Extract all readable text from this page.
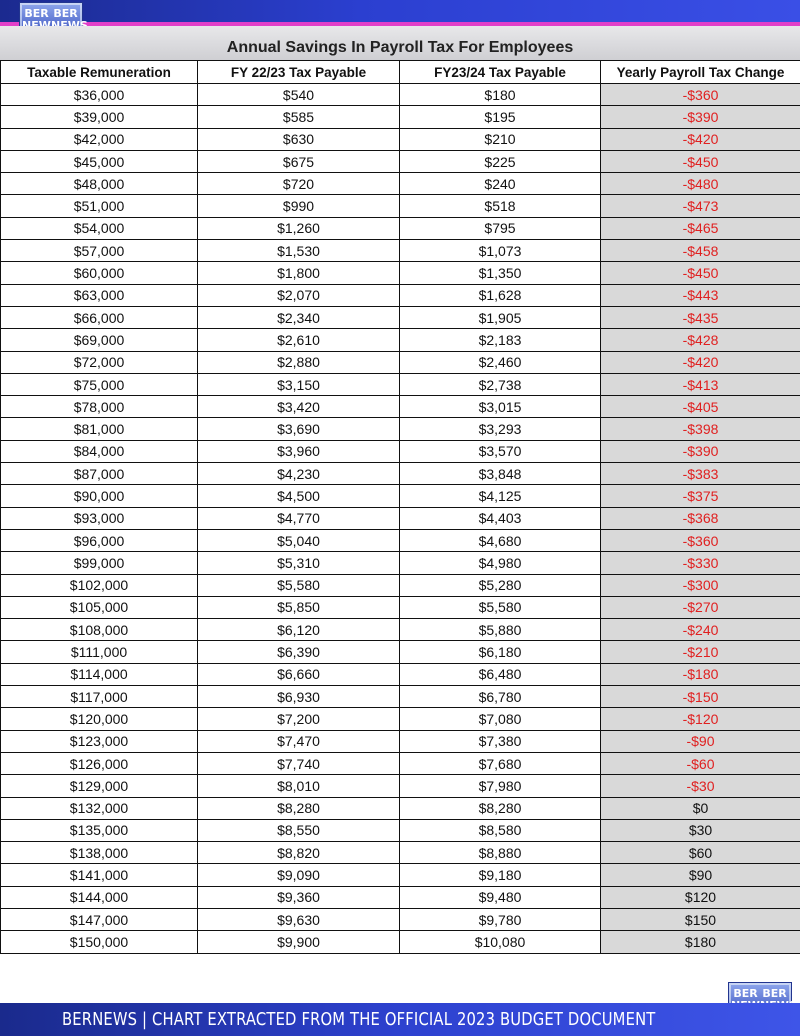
BER BER

Annual Savings In Payroll Tax For Employees
Taxable Remuneration	FY 22/23 Tax Payable	FY23/24 Tax Payable	Yearly Payroll Tax Change
$36,000	$540	$180	-$360
$39,000	$585	$195	-$390
$42,000	$630	$210	-$420
$45,000	$675	$225	-$450
$48,000	$720	$240	-$480
$51,000	$990	$518	-$473
$54,000	$1,260	$795	-$465
$57,000	$1,530	$1,073	-$458
$60,000	$1,800	$1,350	-$450
$63,000	$2,070	$1,628	-$443
$66,000	$2,340	$1,905	-$435
$69,000	$2,610	$2,183	-$428
$72,000	$2,880	$2,460	-$420
$75,000	$3,150	$2,738	-$413
$78,000	$3,420	$3,015	-$405
$81,000	$3,690	$3,293	-$398
$84,000	$3,960	$3,570	-$390
$87,000	$4,230	$3,848	-$383
$90,000	$4,500	$4,125	-$375
$93,000	$4,770	$4,403	-$368
$96,000	$5,040	$4,680	-$360
$99,000	$5,310	$4,980	-$330
$102,000	$5,580	$5,280	-$300
$105,000	$5,850	$5,580	-$270
$108,000	$6,120	$5,880	-$240
$111,000	$6,390	$6,180	-$210
$114,000	$6,660	$6,480	-$180
$117,000	$6,930	$6,780	-$150
$120,000	$7,200	$7,080	-$120
$123,000	$7,470	$7,380	-$90
$126,000	$7,740	$7,680	-$60
$129,000	$8,010	$7,980	-$30
$132,000	$8,280	$8,280	$0
$135,000	$8,550	$8,580	$30
$138,000	$8,820	$8,880	$60
$141,000	$9,090	$9,180	$90
$144,000	$9,360	$9,480	$120
$147,000	$9,630	$9,780	$150
$150,000	$9,900	$10,080	$180
BER BER

BERNEWS | CHART EXTRACTED FROM THE OFFICIAL 2023 BUDGET DOCUMENT
